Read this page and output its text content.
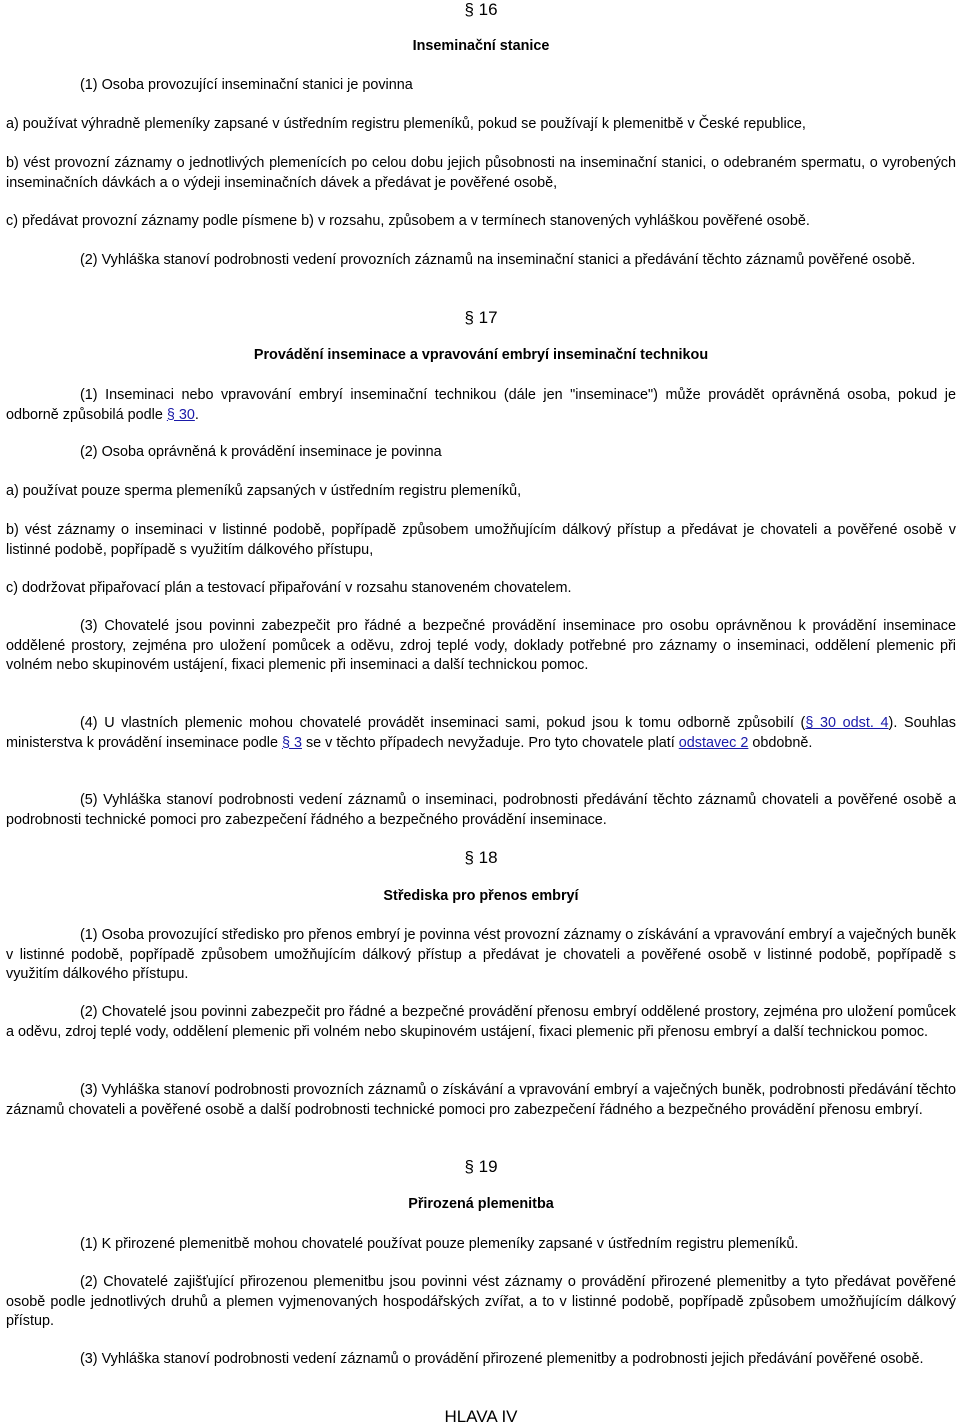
§ 16
Inseminační stanice
(1) Osoba provozující inseminační stanici je povinna
a) používat výhradně plemeníky zapsané v ústředním registru plemeníků, pokud se používají k plemenitbě v České republice,
b) vést provozní záznamy o jednotlivých plemenících po celou dobu jejich působnosti na inseminační stanici, o odebraném spermatu, o vyrobených inseminačních dávkách a o výdeji inseminačních dávek a předávat je pověřené osobě,
c) předávat provozní záznamy podle písmene b) v rozsahu, způsobem a v termínech stanovených vyhláškou pověřené osobě.
(2) Vyhláška stanoví podrobnosti vedení provozních záznamů na inseminační stanici a předávání těchto záznamů pověřené osobě.
§ 17
Provádění inseminace a vpravování embryí inseminační technikou
(1) Inseminaci nebo vpravování embryí inseminační technikou (dále jen "inseminace") může provádět oprávněná osoba, pokud je odborně způsobilá podle § 30.
(2) Osoba oprávněná k provádění inseminace je povinna
a) používat pouze sperma plemeníků zapsaných v ústředním registru plemeníků,
b) vést záznamy o inseminaci v listinné podobě, popřípadě způsobem umožňujícím dálkový přístup a předávat je chovateli a pověřené osobě v listinné podobě, popřípadě s využitím dálkového přístupu,
c) dodržovat připařovací plán a testovací připařování v rozsahu stanoveném chovatelem.
(3) Chovatelé jsou povinni zabezpečit pro řádné a bezpečné provádění inseminace pro osobu oprávněnou k provádění inseminace oddělené prostory, zejména pro uložení pomůcek a oděvu, zdroj teplé vody, doklady potřebné pro záznamy o inseminaci, oddělení plemenic při volném nebo skupinovém ustájení, fixaci plemenic při inseminaci a další technickou pomoc.
(4) U vlastních plemenic mohou chovatelé provádět inseminaci sami, pokud jsou k tomu odborně způsobilí (§ 30 odst. 4). Souhlas ministerstva k provádění inseminace podle § 3 se v těchto případech nevyžaduje. Pro tyto chovatele platí odstavec 2 obdobně.
(5) Vyhláška stanoví podrobnosti vedení záznamů o inseminaci, podrobnosti předávání těchto záznamů chovateli a pověřené osobě a podrobnosti technické pomoci pro zabezpečení řádného a bezpečného provádění inseminace.
§ 18
Střediska pro přenos embryí
(1) Osoba provozující středisko pro přenos embryí je povinna vést provozní záznamy o získávání a vpravování embryí a vaječných buněk v listinné podobě, popřípadě způsobem umožňujícím dálkový přístup a předávat je chovateli a pověřené osobě v listinné podobě, popřípadě s využitím dálkového přístupu.
(2) Chovatelé jsou povinni zabezpečit pro řádné a bezpečné provádění přenosu embryí oddělené prostory, zejména pro uložení pomůcek a oděvu, zdroj teplé vody, oddělení plemenic při volném nebo skupinovém ustájení, fixaci plemenic při přenosu embryí a další technickou pomoc.
(3) Vyhláška stanoví podrobnosti provozních záznamů o získávání a vpravování embryí a vaječných buněk, podrobnosti předávání těchto záznamů chovateli a pověřené osobě a další podrobnosti technické pomoci pro zabezpečení řádného a bezpečného provádění přenosu embryí.
§ 19
Přirozená plemenitba
(1) K přirozené plemenitbě mohou chovatelé používat pouze plemeníky zapsané v ústředním registru plemeníků.
(2) Chovatelé zajišťující přirozenou plemenitbu jsou povinni vést záznamy o provádění přirozené plemenitby a tyto předávat pověřené osobě podle jednotlivých druhů a plemen vyjmenovaných hospodářských zvířat, a to v listinné podobě, popřípadě způsobem umožňujícím dálkový přístup.
(3) Vyhláška stanoví podrobnosti vedení záznamů o provádění přirozené plemenitby a podrobnosti jejich předávání pověřené osobě.
HLAVA IV
